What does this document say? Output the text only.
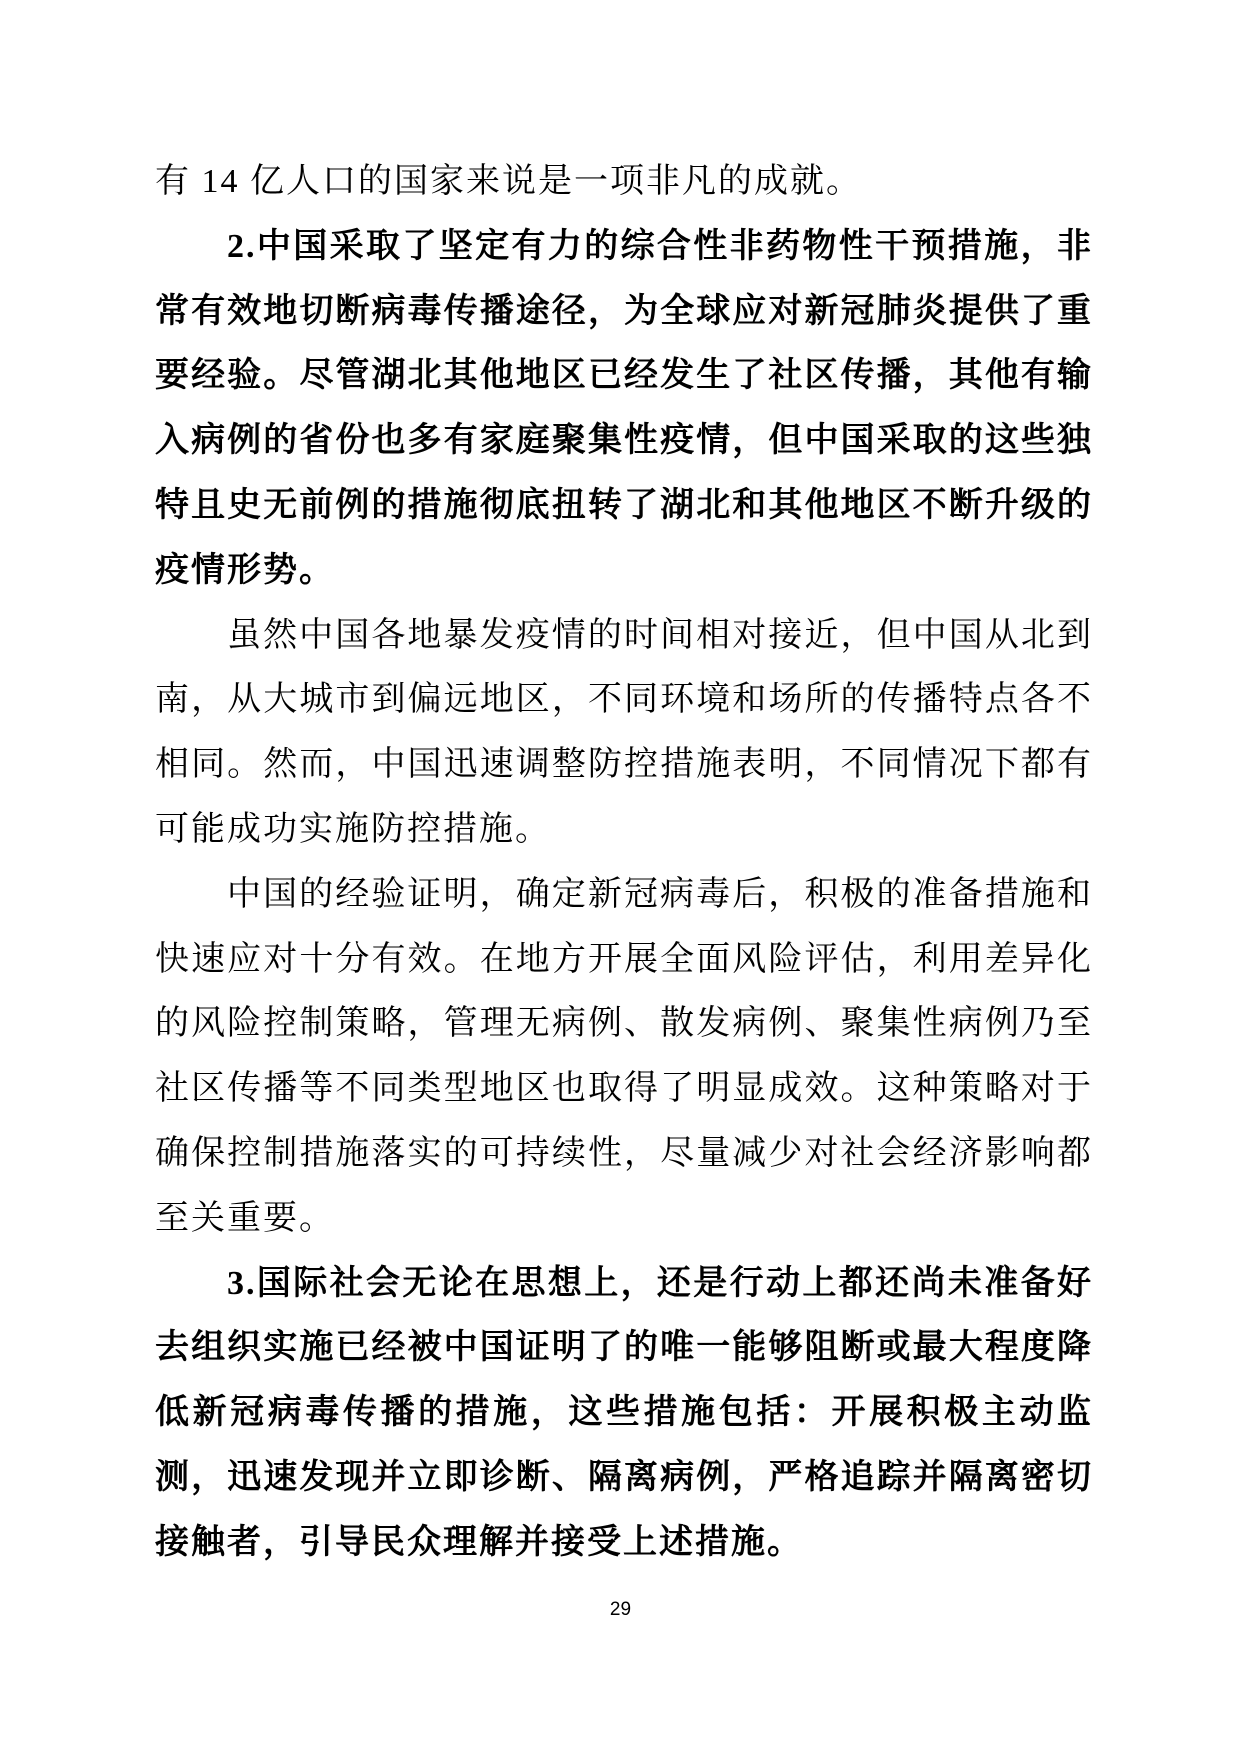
有 14 亿人口的国家来说是一项非凡的成就。

2.中国采取了坚定有力的综合性非药物性干预措施，非常有效地切断病毒传播途径，为全球应对新冠肺炎提供了重要经验。尽管湖北其他地区已经发生了社区传播，其他有输入病例的省份也多有家庭聚集性疫情，但中国采取的这些独特且史无前例的措施彻底扭转了湖北和其他地区不断升级的疫情形势。

虽然中国各地暴发疫情的时间相对接近，但中国从北到南，从大城市到偏远地区，不同环境和场所的传播特点各不相同。然而，中国迅速调整防控措施表明，不同情况下都有可能成功实施防控措施。

中国的经验证明，确定新冠病毒后，积极的准备措施和快速应对十分有效。在地方开展全面风险评估，利用差异化的风险控制策略，管理无病例、散发病例、聚集性病例乃至社区传播等不同类型地区也取得了明显成效。这种策略对于确保控制措施落实的可持续性，尽量减少对社会经济影响都至关重要。

3.国际社会无论在思想上，还是行动上都还尚未准备好去组织实施已经被中国证明了的唯一能够阻断或最大程度降低新冠病毒传播的措施，这些措施包括：开展积极主动监测，迅速发现并立即诊断、隔离病例，严格追踪并隔离密切接触者，引导民众理解并接受上述措施。

29
